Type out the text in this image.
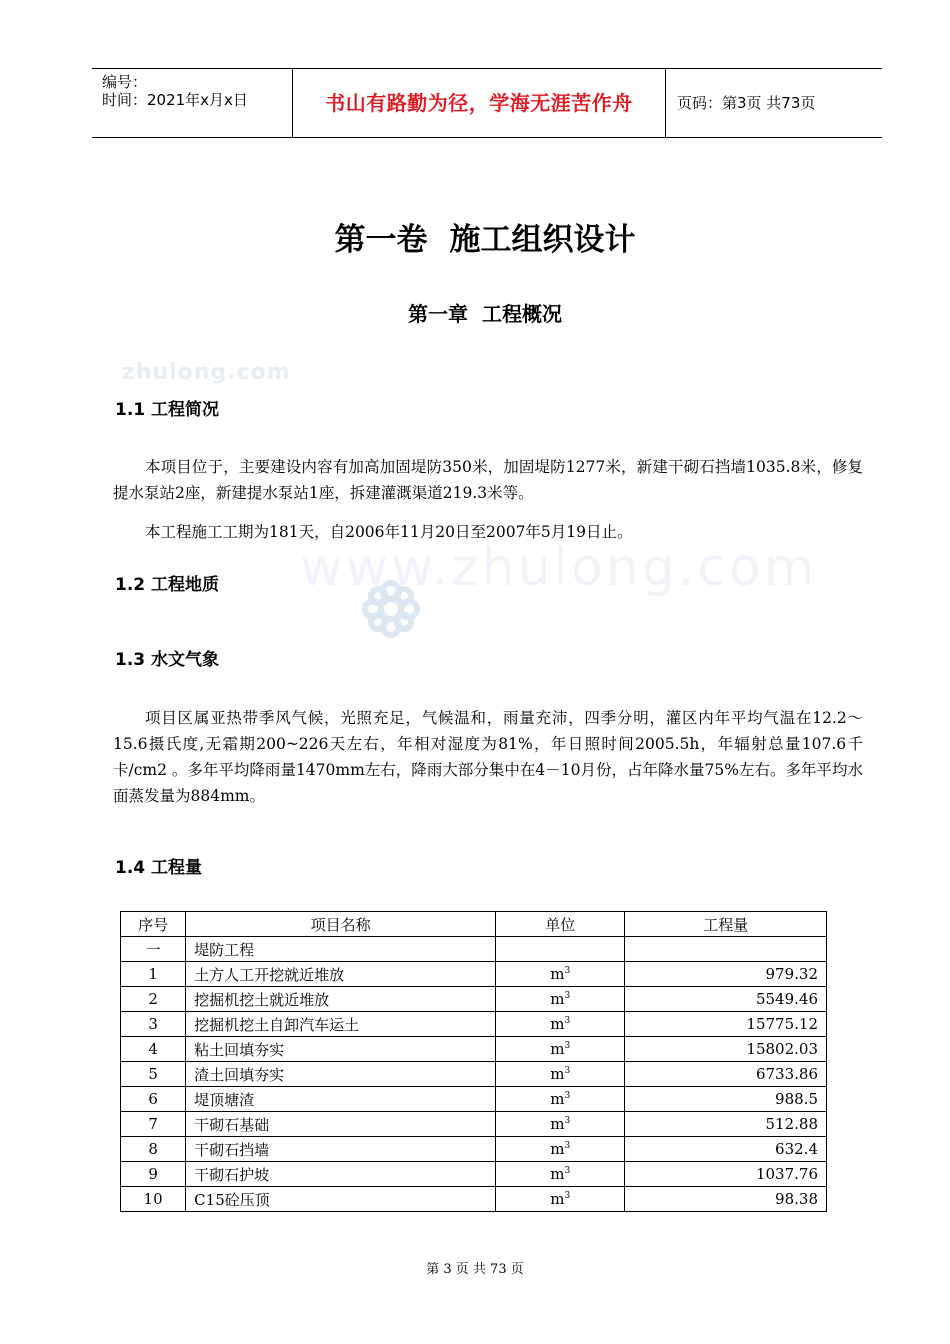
编号：
时间：2021年x月x日	书山有路勤为径，学海无涯苦作舟	页码：第3页 共73页
第一卷 施工组织设计
第一章 工程概况
zhulong.com
www.zhulong.com
1.1 工程简况
本项目位于，主要建设内容有加高加固堤防350米，加固堤防1277米，新建干砌石挡墙1035.8米，修复提水泵站2座，新建提水泵站1座，拆建灌溉渠道219.3米等。
本工程施工工期为181天，自2006年11月20日至2007年5月19日止。
1.2 工程地质
1.3 水文气象
项目区属亚热带季风气候，光照充足，气候温和，雨量充沛，四季分明，灌区内年平均气温在12.2～15.6摄氏度,无霜期200~226天左右，年相对湿度为81%，年日照时间2005.5h，年辐射总量107.6千卡/cm2 。多年平均降雨量1470mm左右，降雨大部分集中在4－10月份，占年降水量75%左右。多年平均水面蒸发量为884mm。
1.4 工程量
序号	项目名称	单位	工程量
一	堤防工程		
1	土方人工开挖就近堆放	$m^3$	979.32
2	挖掘机挖土就近堆放	$m^3$	5549.46
3	挖掘机挖土自卸汽车运土	$m^3$	15775.12
4	粘土回填夯实	$m^3$	15802.03
5	渣土回填夯实	$m^3$	6733.86
6	堤顶塘渣	$m^3$	988.5
7	干砌石基础	$m^3$	512.88
8	干砌石挡墙	$m^3$	632.4
9	干砌石护坡	$m^3$	1037.76
10	C15砼压顶	$m^3$	98.38
第 3 页 共 73 页
